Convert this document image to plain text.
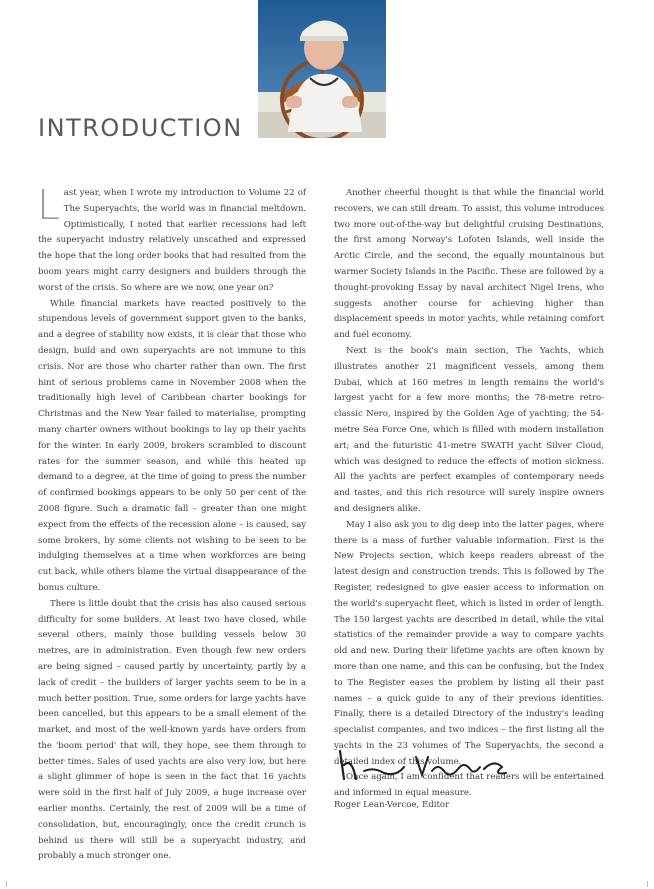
INTRODUCTION

Last year, when I wrote my introduction to Volume 22 of The Superyachts, the world was in financial meltdown. Optimistically, I noted that earlier recessions had left the superyacht industry relatively unscathed and expressed the hope that the long order books that had resulted from the boom years might carry designers and builders through the worst of the crisis. So where are we now, one year on?

While financial markets have reacted positively to the stupendous levels of government support given to the banks, and a degree of stability now exists, it is clear that those who design, build and own superyachts are not immune to this crisis. Nor are those who charter rather than own. The first hint of serious problems came in November 2008 when the traditionally high level of Caribbean charter bookings for Christmas and the New Year failed to materialise, prompting many charter owners without bookings to lay up their yachts for the winter. In early 2009, brokers scrambled to discount rates for the summer season, and while this heated up demand to a degree, at the time of going to press the number of confirmed bookings appears to be only 50 per cent of the 2008 figure. Such a dramatic fall – greater than one might expect from the effects of the recession alone – is caused, say some brokers, by some clients not wishing to be seen to be indulging themselves at a time when workforces are being cut back, while others blame the virtual disappearance of the bonus culture.

There is little doubt that the crisis has also caused serious difficulty for some builders. At least two have closed, while several others, mainly those building vessels below 30 metres, are in administration. Even though few new orders are being signed – caused partly by uncertainty, partly by a lack of credit – the builders of larger yachts seem to be in a much better position. True, some orders for large yachts have been cancelled, but this appears to be a small element of the market, and most of the well-known yards have orders from the 'boom period' that will, they hope, see them through to better times. Sales of used yachts are also very low, but here a slight glimmer of hope is seen in the fact that 16 yachts were sold in the first half of July 2009, a huge increase over earlier months. Certainly, the rest of 2009 will be a time of consolidation, but, encouragingly, once the credit crunch is behind us there will still be a superyacht industry, and probably a much stronger one.

Another cheerful thought is that while the financial world recovers, we can still dream. To assist, this volume introduces two more out-of-the-way but delightful cruising Destinations, the first among Norway's Lofoten Islands, well inside the Arctic Circle, and the second, the equally mountainous but warmer Society Islands in the Pacific. These are followed by a thought-provoking Essay by naval architect Nigel Irens, who suggests another course for achieving higher than displacement speeds in motor yachts, while retaining comfort and fuel economy.

Next is the book's main section, The Yachts, which illustrates another 21 magnificent vessels, among them Dubai, which at 160 metres in length remains the world's largest yacht for a few more months; the 78-metre retro-classic Nero, inspired by the Golden Age of yachting; the 54-metre Sea Force One, which is filled with modern installation art; and the futuristic 41-metre SWATH yacht Silver Cloud, which was designed to reduce the effects of motion sickness. All the yachts are perfect examples of contemporary needs and tastes, and this rich resource will surely inspire owners and designers alike.

May I also ask you to dig deep into the latter pages, where there is a mass of further valuable information. First is the New Projects section, which keeps readers abreast of the latest design and construction trends. This is followed by The Register, redesigned to give easier access to information on the world's superyacht fleet, which is listed in order of length. The 150 largest yachts are described in detail, while the vital statistics of the remainder provide a way to compare yachts old and new. During their lifetime yachts are often known by more than one name, and this can be confusing, but the Index to The Register eases the problem by listing all their past names – a quick guide to any of their previous identities. Finally, there is a detailed Directory of the industry's leading specialist companies, and two indices – the first listing all the yachts in the 23 volumes of The Superyachts, the second a detailed index of this volume.

Once again, I am confident that readers will be entertained and informed in equal measure.

Roger Lean-Vercoe, Editor
